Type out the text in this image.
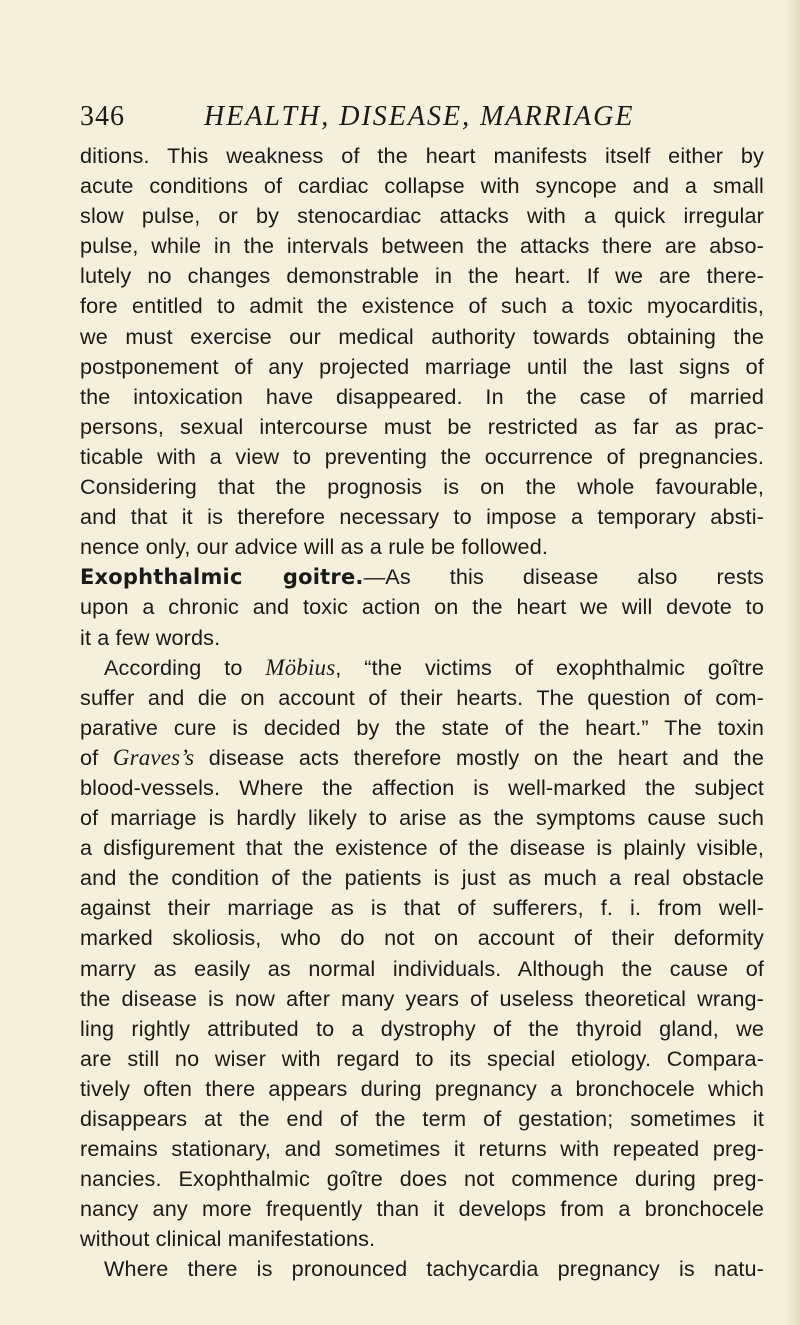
346	HEALTH, DISEASE, MARRIAGE
ditions. This weakness of the heart manifests itself either by
acute conditions of cardiac collapse with syncope and a small
slow pulse, or by stenocardiac attacks with a quick irregular
pulse, while in the intervals between the attacks there are abso-
lutely no changes demonstrable in the heart. If we are there-
fore entitled to admit the existence of such a toxic myocarditis,
we must exercise our medical authority towards obtaining the
postponement of any projected marriage until the last signs of
the intoxication have disappeared. In the case of married
persons, sexual intercourse must be restricted as far as prac-
ticable with a view to preventing the occurrence of pregnancies.
Considering that the prognosis is on the whole favourable,
and that it is therefore necessary to impose a temporary absti-
nence only, our advice will as a rule be followed.
Exophthalmic goitre.—As this disease also rests
upon a chronic and toxic action on the heart we will devote to
it a few words.
According to Möbius, “the victims of exophthalmic goître
suffer and die on account of their hearts. The question of com-
parative cure is decided by the state of the heart.” The toxin
of Graves’s disease acts therefore mostly on the heart and the
blood-vessels. Where the affection is well-marked the subject
of marriage is hardly likely to arise as the symptoms cause such
a disfigurement that the existence of the disease is plainly visible,
and the condition of the patients is just as much a real obstacle
against their marriage as is that of sufferers, f. i. from well-
marked skoliosis, who do not on account of their deformity
marry as easily as normal individuals. Although the cause of
the disease is now after many years of useless theoretical wrang-
ling rightly attributed to a dystrophy of the thyroid gland, we
are still no wiser with regard to its special etiology. Compara-
tively often there appears during pregnancy a bronchocele which
disappears at the end of the term of gestation; sometimes it
remains stationary, and sometimes it returns with repeated preg-
nancies. Exophthalmic goître does not commence during preg-
nancy any more frequently than it develops from a bronchocele
without clinical manifestations.
Where there is pronounced tachycardia pregnancy is natu-
